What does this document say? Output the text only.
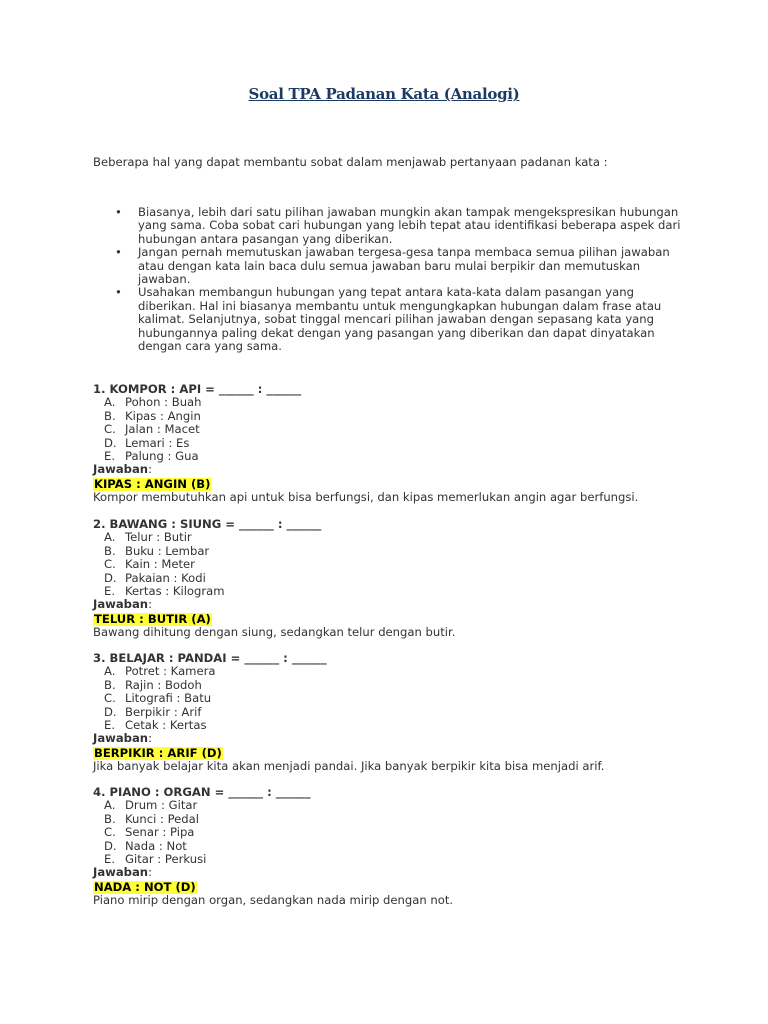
Soal TPA Padanan Kata (Analogi)
Beberapa hal yang dapat membantu sobat dalam menjawab pertanyaan padanan kata :
• Biasanya, lebih dari satu pilihan jawaban mungkin akan tampak mengekspresikan hubungan yang sama. Coba sobat cari hubungan yang lebih tepat atau identifikasi beberapa aspek dari hubungan antara pasangan yang diberikan.
• Jangan pernah memutuskan jawaban tergesa-gesa tanpa membaca semua pilihan jawaban atau dengan kata lain baca dulu semua jawaban baru mulai berpikir dan memutuskan jawaban.
• Usahakan membangun hubungan yang tepat antara kata-kata dalam pasangan yang diberikan. Hal ini biasanya membantu untuk mengungkapkan hubungan dalam frase atau kalimat. Selanjutnya, sobat tinggal mencari pilihan jawaban dengan sepasang kata yang hubungannya paling dekat dengan yang pasangan yang diberikan dan dapat dinyatakan dengan cara yang sama.
1. KOMPOR : API = ______ : ______
A. Pohon : Buah
B. Kipas : Angin
C. Jalan : Macet
D. Lemari : Es
E. Palung : Gua
Jawaban:
KIPAS : ANGIN (B)
Kompor membutuhkan api untuk bisa berfungsi, dan kipas memerlukan angin agar berfungsi.
2. BAWANG : SIUNG = ______ : ______
A. Telur : Butir
B. Buku : Lembar
C. Kain : Meter
D. Pakaian : Kodi
E. Kertas : Kilogram
Jawaban:
TELUR : BUTIR (A)
Bawang dihitung dengan siung, sedangkan telur dengan butir.
3. BELAJAR : PANDAI = ______ : ______
A. Potret : Kamera
B. Rajin : Bodoh
C. Litografi : Batu
D. Berpikir : Arif
E. Cetak : Kertas
Jawaban:
BERPIKIR : ARIF (D)
Jika banyak belajar kita akan menjadi pandai. Jika banyak berpikir kita bisa menjadi arif.
4. PIANO : ORGAN = ______ : ______
A. Drum : Gitar
B. Kunci : Pedal
C. Senar : Pipa
D. Nada : Not
E. Gitar : Perkusi
Jawaban:
NADA : NOT (D)
Piano mirip dengan organ, sedangkan nada mirip dengan not.
